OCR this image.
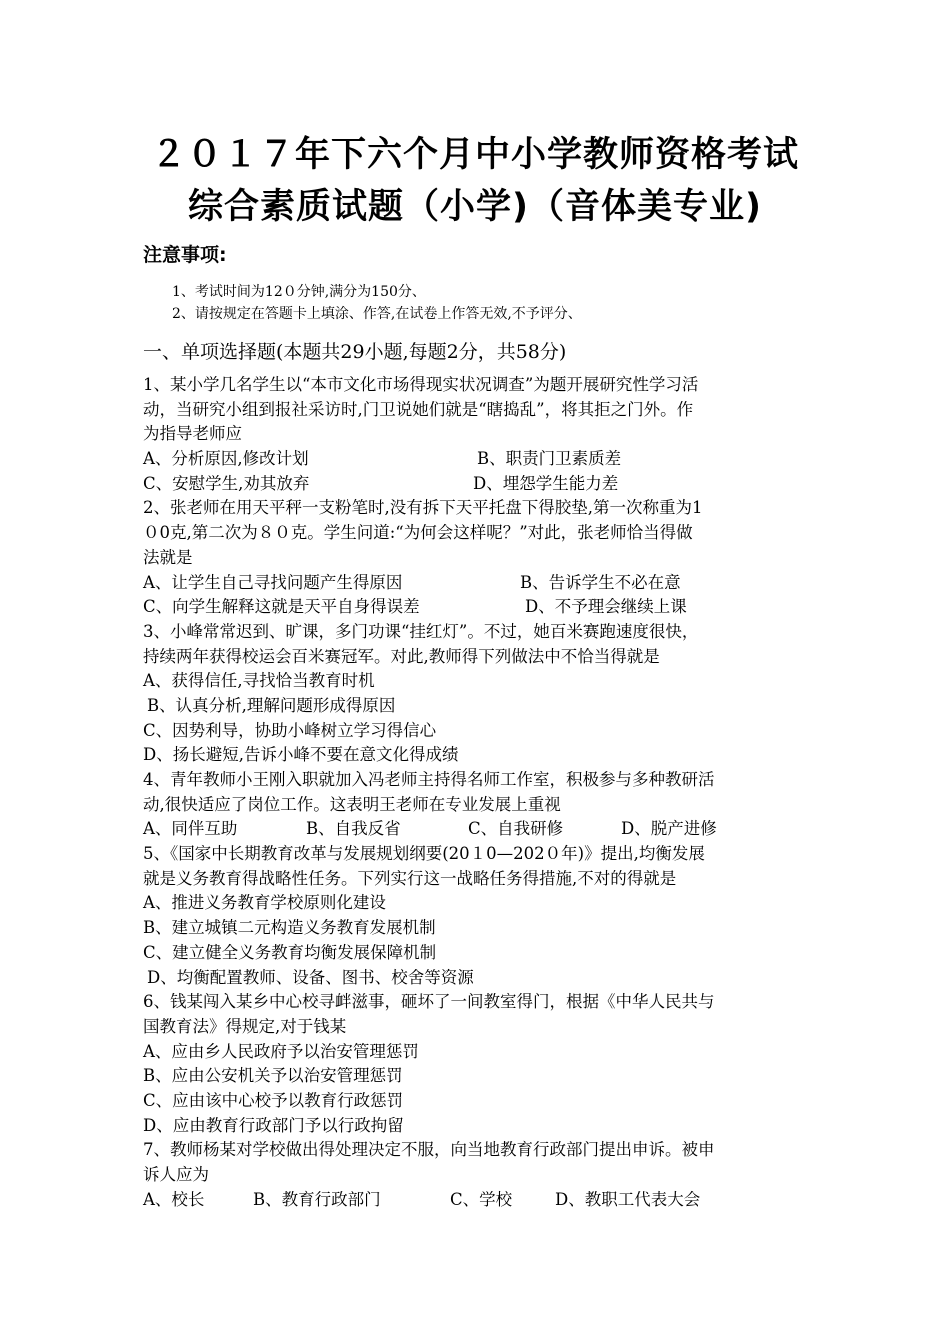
２０１７年下六个月中小学教师资格考试
综合素质试题（小学)（音体美专业)
注意事项:
1、考试时间为12０分钟,满分为150分、
2、请按规定在答题卡上填涂、作答,在试卷上作答无效,不予评分、
一、单项选择题(本题共29小题,每题2分，共58分)
1、某小学几名学生以“本市文化市场得现实状况调查”为题开展研究性学习活
动，当研究小组到报社采访时,门卫说她们就是“瞎捣乱”，将其拒之门外。作
为指导老师应
A、分析原因,修改计划	B、职责门卫素质差
C、安慰学生,劝其放弃	D、埋怨学生能力差
2、张老师在用天平秤一支粉笔时,没有拆下天平托盘下得胶垫,第一次称重为1
０0克,第二次为８０克。学生问道:“为何会这样呢？”对此，张老师恰当得做
法就是
A、让学生自己寻找问题产生得原因	B、告诉学生不必在意
C、向学生解释这就是天平自身得误差	D、不予理会继续上课
3、小峰常常迟到、旷课，多门功课“挂红灯”。不过，她百米赛跑速度很快，
持续两年获得校运会百米赛冠军。对此,教师得下列做法中不恰当得就是
A、获得信任,寻找恰当教育时机
B、认真分析,理解问题形成得原因
C、因势利导，协助小峰树立学习得信心
D、扬长避短,告诉小峰不要在意文化得成绩
4、青年教师小王刚入职就加入冯老师主持得名师工作室，积极参与多种教研活
动,很快适应了岗位工作。这表明王老师在专业发展上重视
A、同伴互助	B、自我反省	C、自我研修	D、脱产进修
5、《国家中长期教育改革与发展规划纲要(20１0—202０年)》提出,均衡发展
就是义务教育得战略性任务。下列实行这一战略任务得措施,不对的得就是
A、推进义务教育学校原则化建设
B、建立城镇二元构造义务教育发展机制
C、建立健全义务教育均衡发展保障机制
D、均衡配置教师、设备、图书、校舍等资源
6、钱某闯入某乡中心校寻衅滋事，砸坏了一间教室得门，根据《中华人民共与
国教育法》得规定,对于钱某
A、应由乡人民政府予以治安管理惩罚
B、应由公安机关予以治安管理惩罚
C、应由该中心校予以教育行政惩罚
D、应由教育行政部门予以行政拘留
7、教师杨某对学校做出得处理决定不服，向当地教育行政部门提出申诉。被申
诉人应为
A、校长	B、教育行政部门	C、学校	D、教职工代表大会
